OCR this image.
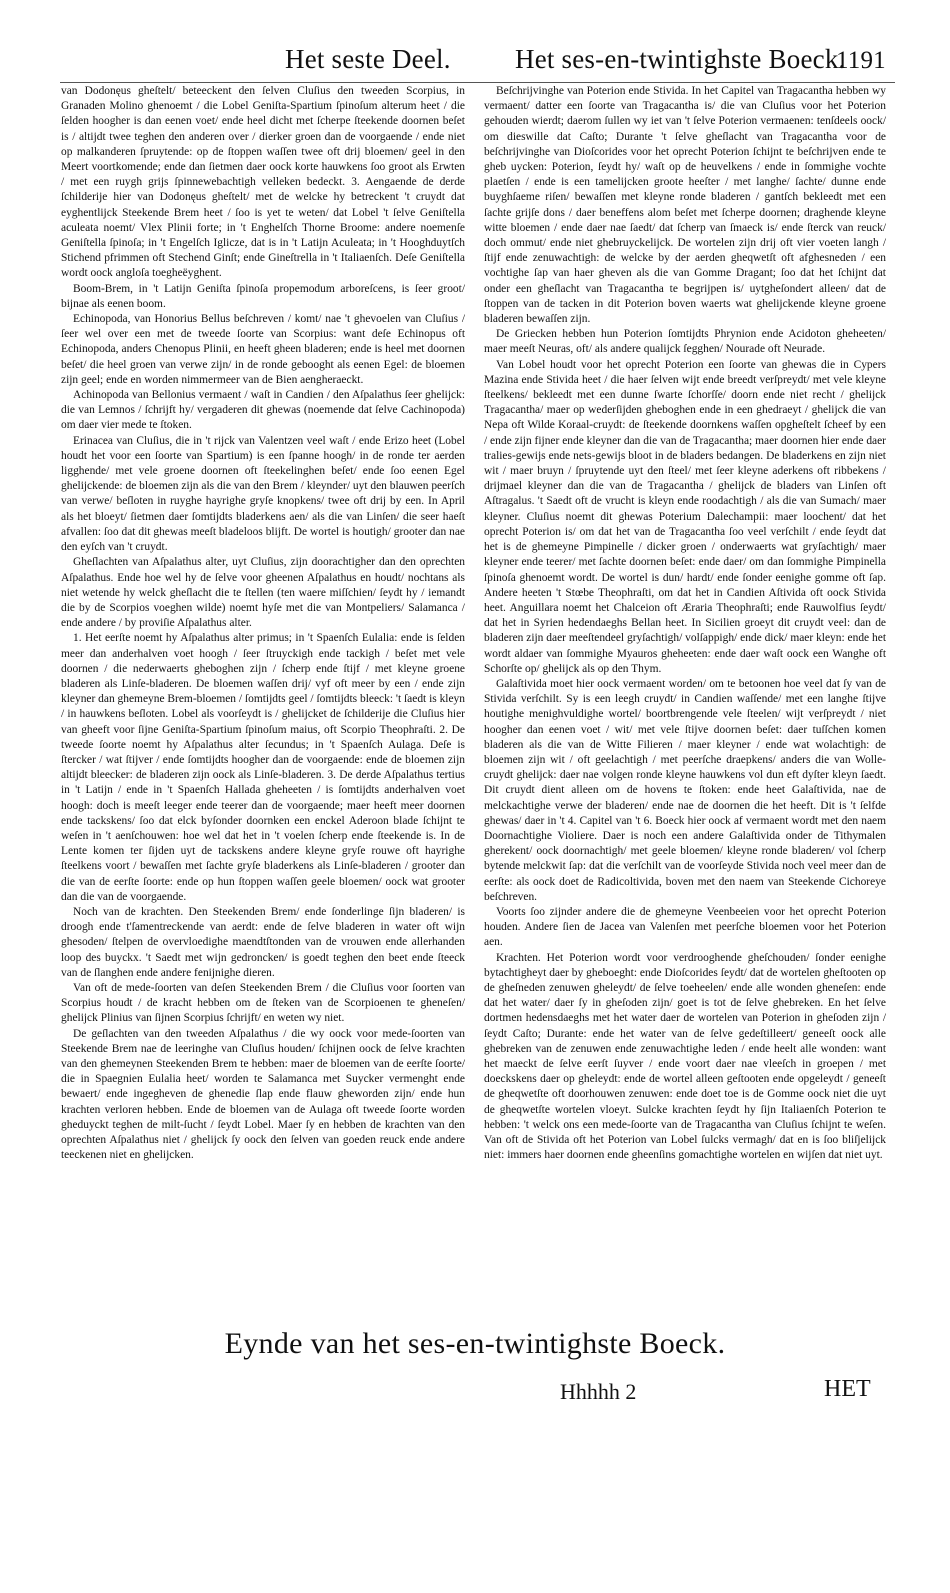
Het seste Deel. Het ses-en-twintighste Boeck.
1191

van Dodonęus gheſtelt/ beteeckent den ſelven Cluſius den tweeden Scorpius, in Granaden Molino ghenoemt / die Lobel Geniſta-Spartium ſpinoſum alterum heet / die ſelden hoogher is dan eenen voet/ ende heel dicht met ſcherpe ſteekende doornen beſet is / altijdt twee teghen den anderen over / dierker groen dan de voorgaende / ende niet op malkanderen ſpruytende: op de ſtoppen waſſen twee oft drij bloemen/ geel in den Meert voortkomende; ende dan ſietmen daer oock korte hauwkens ſoo groot als Erwten / met een ruygh grijs ſpinnewebachtigh velleken bedeckt. 3. Aengaende de derde ſchilderije hier van Dodonęus gheſtelt/ met de welcke hy betreckent 't cruydt dat eyghentlijck Steekende Brem heet / ſoo is yet te weten/ dat Lobel 't ſelve Geniſtella aculeata noemt/ Vlex Plinii forte; in 't Enghelſch Thorne Broome: andere noemenſe Geniſtella ſpinoſa; in 't Engelſch Iglicze, dat is in 't Latijn Aculeata; in 't Hooghduytſch Stichend pfrimmen oft Stechend Ginſt; ende Gineſtrella in 't Italiaenſch. Deſe Geniſtella wordt oock angloſa toegheëyghent.

Boom-Brem, in 't Latijn Geniſta ſpinoſa propemodum arboreſcens, is ſeer groot/ bijnae als eenen boom.

Echinopoda, van Honorius Bellus beſchreven / komt/ nae 't ghevoelen van Cluſius / ſeer wel over een met de tweede ſoorte van Scorpius: want deſe Echinopus oft Echinopoda, anders Chenopus Plinii, en heeft gheen bladeren; ende is heel met doornen beſet/ die heel groen van verwe zijn/ in de ronde gebooght als eenen Egel: de bloemen zijn geel; ende en worden nimmermeer van de Bien aengheraeckt.

Achinopoda van Bellonius vermaent / waſt in Candien / den Aſpalathus ſeer ghelijck: die van Lemnos / ſchrijft hy/ vergaderen dit ghewas (noemende dat ſelve Cachinopoda) om daer vier mede te ſtoken.

Erinacea van Cluſius, die in 't rijck van Valentzen veel waſt / ende Erizo heet (Lobel houdt het voor een ſoorte van Spartium) is een ſpanne hoogh/ in de ronde ter aerden ligghende/ met vele groene doornen oft ſteekelinghen beſet/ ende ſoo eenen Egel ghelijckende: de bloemen zijn als die van den Brem / kleynder/ uyt den blauwen peerſch van verwe/ beſloten in ruyghe hayrighe gryſe knopkens/ twee oft drij by een. In April als het bloeyt/ ſietmen daer ſomtijdts bladerkens aen/ als die van Linſen/ die seer haeſt afvallen: ſoo dat dit ghewas meeſt bladeloos blijft. De wortel is houtigh/ grooter dan nae den eyſch van 't cruydt.

Gheſlachten van Aſpalathus alter, uyt Cluſius, zijn doorachtigher dan den oprechten Aſpalathus. Ende hoe wel hy de ſelve voor gheenen Aſpalathus en houdt/ nochtans als niet wetende hy welck gheſlacht die te ſtellen (ten waere miſſchien/ ſeydt hy / iemandt die by de Scorpios voeghen wilde) noemt hyſe met die van Montpeliers/ Salamanca / ende andere / by proviſie Aſpalathus alter.

1. Het eerſte noemt hy Aſpalathus alter primus; in 't Spaenſch Eulalia: ende is ſelden meer dan anderhalven voet hoogh / ſeer ſtruyckigh ende tackigh / beſet met vele doornen / die nederwaerts gheboghen zijn / ſcherp ende ſtijf / met kleyne groene bladeren als Linſe-bladeren. De bloemen waſſen drij/ vyf oft meer by een / ende zijn kleyner dan ghemeyne Brem-bloemen / ſomtijdts geel / ſomtijdts bleeck: 't ſaedt is kleyn / in hauwkens beſloten. Lobel als voorſeydt is / ghelijcket de ſchilderije die Cluſius hier van gheeft voor ſijne Geniſta-Spartium ſpinoſum maius, oft Scorpio Theophraſti. 2. De tweede ſoorte noemt hy Aſpalathus alter ſecundus; in 't Spaenſch Aulaga. Deſe is ſtercker / wat ſtijver / ende ſomtijdts hoogher dan de voorgaende: ende de bloemen zijn altijdt bleecker: de bladeren zijn oock als Linſe-bladeren. 3. De derde Aſpalathus tertius in 't Latijn / ende in 't Spaenſch Hallada gheheeten / is ſomtijdts anderhalven voet hoogh: doch is meeſt leeger ende teerer dan de voorgaende; maer heeft meer doornen ende tackskens/ ſoo dat elck byſonder doornken een enckel Aderoon blade ſchijnt te weſen in 't aenſchouwen: hoe wel dat het in 't voelen ſcherp ende ſteekende is. In de Lente komen ter ſijden uyt de tackskens andere kleyne gryſe rouwe oft hayrighe ſteelkens voort / bewaſſen met ſachte gryſe bladerkens als Linſe-bladeren / grooter dan die van de eerſte ſoorte: ende op hun ſtoppen waſſen geele bloemen/ oock wat grooter dan die van de voorgaende.

Noch van de krachten. Den Steekenden Brem/ ende ſonderlinge ſijn bladeren/ is droogh ende t'ſamentreckende van aerdt: ende de ſelve bladeren in water oft wijn ghesoden/ ſtelpen de overvloedighe maendtſtonden van de vrouwen ende allerhanden loop des buyckx. 't Saedt met wijn gedroncken/ is goedt teghen den beet ende ſteeck van de ſlanghen ende andere fenijnighe dieren.

Van oft de mede-ſoorten van deſen Steekenden Brem / die Cluſius voor ſoorten van Scorpius houdt / de kracht hebben om de ſteken van de Scorpioenen te gheneſen/ ghelijck Plinius van ſijnen Scorpius ſchrijft/ en weten wy niet.

De geſlachten van den tweeden Aſpalathus / die wy oock voor mede-ſoorten van Steekende Brem nae de leeringhe van Cluſius houden/ ſchijnen oock de ſelve krachten van den ghemeynen Steekenden Brem te hebben: maer de bloemen van de eerſte ſoorte/ die in Spaegnien Eulalia heet/ worden te Salamanca met Suycker vermenght ende bewaert/ ende ingegheven de ghenedie ſlap ende flauw gheworden zijn/ ende hun krachten verloren hebben. Ende de bloemen van de Aulaga oft tweede ſoorte worden gheduyckt teghen de milt-ſucht / ſeydt Lobel. Maer ſy en hebben de krachten van den oprechten Aſpalathus niet / ghelijck ſy oock den ſelven van goeden reuck ende andere teeckenen niet en ghelijcken.

Beſchrijvinghe van Poterion ende Stivida. In het Capitel van Tragacantha hebben wy vermaent/ datter een ſoorte van Tragacantha is/ die van Cluſius voor het Poterion gehouden wierdt; daerom ſullen wy iet van 't ſelve Poterion vermaenen: tenſdeels oock/ om dieswille dat Caſto; Durante 't ſelve gheſlacht van Tragacantha voor de beſchrijvinghe van Dioſcorides voor het oprecht Poterion ſchijnt te beſchrijven ende te gheb uycken: Poterion, ſeydt hy/ waſt op de heuvelkens / ende in ſommighe vochte plaetſen / ende is een tamelijcken groote heeſter / met langhe/ ſachte/ dunne ende buyghſaeme riſen/ bewaſſen met kleyne ronde bladeren / gantſch bekleedt met een ſachte grijſe dons / daer beneffens alom beſet met ſcherpe doornen; draghende kleyne witte bloemen / ende daer nae ſaedt/ dat ſcherp van ſmaeck is/ ende ſterck van reuck/ doch ommut/ ende niet ghebruyckelijck. De wortelen zijn drij oft vier voeten langh / ſtijf ende zenuwachtigh: de welcke by der aerden gheqwetſt oft afghesneden / een vochtighe ſap van haer gheven als die van Gomme Dragant; ſoo dat het ſchijnt dat onder een gheſlacht van Tragacantha te begrijpen is/ uytgheſondert alleen/ dat de ſtoppen van de tacken in dit Poterion boven waerts wat ghelijckende kleyne groene bladeren bewaſſen zijn.

De Griecken hebben hun Poterion ſomtijdts Phrynion ende Acidoton gheheeten/ maer meeſt Neuras, oft/ als andere qualijck ſegghen/ Nourade oft Neurade.

Van Lobel houdt voor het oprecht Poterion een ſoorte van ghewas die in Cypers Mazina ende Stivida heet / die haer ſelven wijt ende breedt verſpreydt/ met vele kleyne ſteelkens/ bekleedt met een dunne ſwarte ſchorſſe/ doorn ende niet recht / ghelijck Tragacantha/ maer op wederſijden gheboghen ende in een ghedraeyt / ghelijck die van Nepa oft Wilde Koraal-cruydt: de ſteekende doornkens waſſen opgheſtelt ſcheef by een / ende zijn fijner ende kleyner dan die van de Tragacantha; maer doornen hier ende daer tralies-gewijs ende nets-gewijs bloot in de bladers bedangen. De bladerkens en zijn niet wit / maer bruyn / ſpruytende uyt den ſteel/ met ſeer kleyne aderkens oft ribbekens / drijmael kleyner dan die van de Tragacantha / ghelijck de bladers van Linſen oft Aſtragalus. 't Saedt oft de vrucht is kleyn ende roodachtigh / als die van Sumach/ maer kleyner. Cluſius noemt dit ghewas Poterium Dalechampii: maer loochent/ dat het oprecht Poterion is/ om dat het van de Tragacantha ſoo veel verſchilt / ende ſeydt dat het is de ghemeyne Pimpinelle / dicker groen / onderwaerts wat gryſachtigh/ maer kleyner ende teerer/ met ſachte doornen beſet: ende daer/ om dan ſommighe Pimpinella ſpinoſa ghenoemt wordt. De wortel is dun/ hardt/ ende ſonder eenighe gomme oft ſap. Andere heeten 't Stœbe Theophraſti, om dat het in Candien Aſtivida oft oock Stivida heet. Anguillara noemt het Chalceion oft Æraria Theophraſti; ende Rauwolfius ſeydt/ dat het in Syrien hedendaeghs Bellan heet. In Sicilien groeyt dit cruydt veel: dan de bladeren zijn daer meeſtendeel gryſachtigh/ volſappigh/ ende dick/ maer kleyn: ende het wordt aldaer van ſommighe Myauros gheheeten: ende daer waſt oock een Wanghe oft Schorſte op/ ghelijck als op den Thym.

Galaſtivida moet hier oock vermaent worden/ om te betoonen hoe veel dat ſy van de Stivida verſchilt. Sy is een leegh cruydt/ in Candien waſſende/ met een langhe ſtijve houtighe menighvuldighe wortel/ boortbrengende vele ſteelen/ wijt verſpreydt / niet hoogher dan eenen voet / wit/ met vele ſtijve doornen beſet: daer tuſſchen komen bladeren als die van de Witte Filieren / maer kleyner / ende wat wolachtigh: de bloemen zijn wit / oft geelachtigh / met peerſche draepkens/ anders die van Wolle-cruydt ghelijck: daer nae volgen ronde kleyne hauwkens vol dun eft dyſter kleyn ſaedt. Dit cruydt dient alleen om de hovens te ſtoken: ende heet Galaſtivida, nae de melckachtighe verwe der bladeren/ ende nae de doornen die het heeft. Dit is 't ſelfde ghewas/ daer in 't 4. Capitel van 't 6. Boeck hier oock af vermaent wordt met den naem Doornachtighe Violiere. Daer is noch een andere Galaſtivida onder de Tithymalen gherekent/ oock doornachtigh/ met geele bloemen/ kleyne ronde bladeren/ vol ſcherp bytende melckwit ſap: dat die verſchilt van de voorſeyde Stivida noch veel meer dan de eerſte: als oock doet de Radicoltivida, boven met den naem van Steekende Cichoreye beſchreven.

Voorts ſoo zijnder andere die de ghemeyne Veenbeeien voor het oprecht Poterion houden. Andere ſien de Jacea van Valenſen met peerſche bloemen voor het Poterion aen.

Krachten. Het Poterion wordt voor verdrooghende gheſchouden/ ſonder eenighe bytachtigheyt daer by gheboeght: ende Dioſcorides ſeydt/ dat de wortelen gheſtooten op de gheſneden zenuwen gheleydt/ de ſelve toeheelen/ ende alle wonden gheneſen: ende dat het water/ daer ſy in gheſoden zijn/ goet is tot de ſelve ghebreken. En het ſelve dortmen hedensdaeghs met het water daer de wortelen van Poterion in gheſoden zijn / ſeydt Caſto; Durante: ende het water van de ſelve gedeſtilleert/ geneeſt oock alle ghebreken van de zenuwen ende zenuwachtighe leden / ende heelt alle wonden: want het maeckt de ſelve eerſt ſuyver / ende voort daer nae vleeſch in groepen / met doeckskens daer op gheleydt: ende de wortel alleen geſtooten ende opgeleydt / geneeſt de gheqwetſte oft doorhouwen zenuwen: ende doet toe is de Gomme oock niet die uyt de gheqwetſte wortelen vloeyt. Sulcke krachten ſeydt hy ſijn Italiaenſch Poterion te hebben: 't welck ons een mede-ſoorte van de Tragacantha van Cluſius ſchijnt te weſen. Van oft de Stivida oft het Poterion van Lobel ſulcks vermagh/ dat en is ſoo bliſjelijck niet: immers haer doornen ende gheenſins gomachtighe wortelen en wijſen dat niet uyt.

Eynde van het ses-en-twintighste Boeck.
Hhhhh 2	HET
